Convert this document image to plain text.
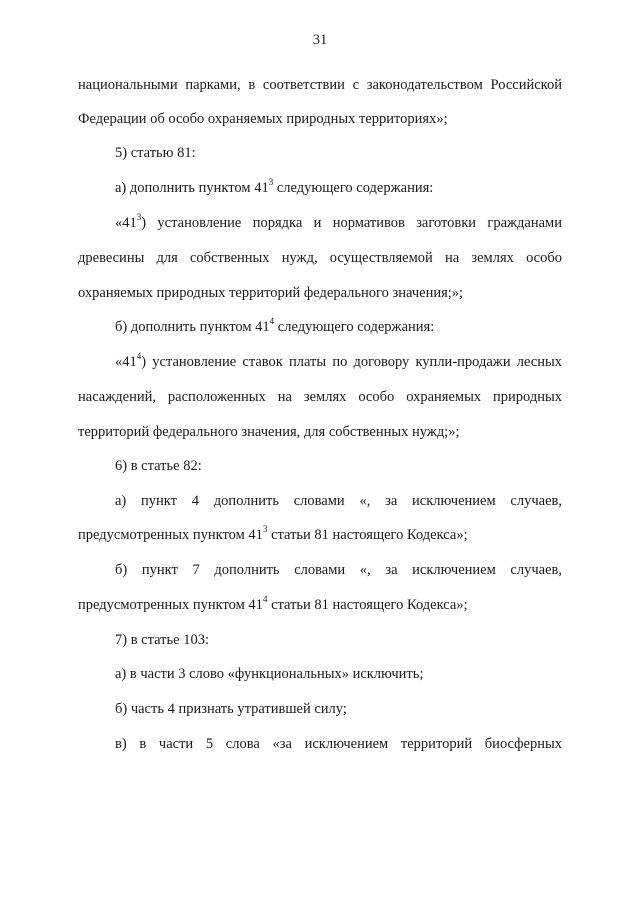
31
национальными парками, в соответствии с законодательством Российской
Федерации об особо охраняемых природных территориях»;
5) статью 81:
а) дополнить пунктом $41^3$ следующего содержания:
«$41^3$) установление порядка и нормативов заготовки гражданами
древесины для собственных нужд, осуществляемой на землях особо
охраняемых природных территорий федерального значения;»;
б) дополнить пунктом $41^4$ следующего содержания:
«$41^4$) установление ставок платы по договору купли-продажи лесных
насаждений, расположенных на землях особо охраняемых природных
территорий федерального значения, для собственных нужд;»;
6) в статье 82:
а) пункт 4 дополнить словами «, за исключением случаев,
предусмотренных пунктом $41^3$ статьи 81 настоящего Кодекса»;
б) пункт 7 дополнить словами «, за исключением случаев,
предусмотренных пунктом $41^4$ статьи 81 настоящего Кодекса»;
7) в статье 103:
а) в части 3 слово «функциональных» исключить;
б) часть 4 признать утратившей силу;
в) в части 5 слова «за исключением территорий биосферных
